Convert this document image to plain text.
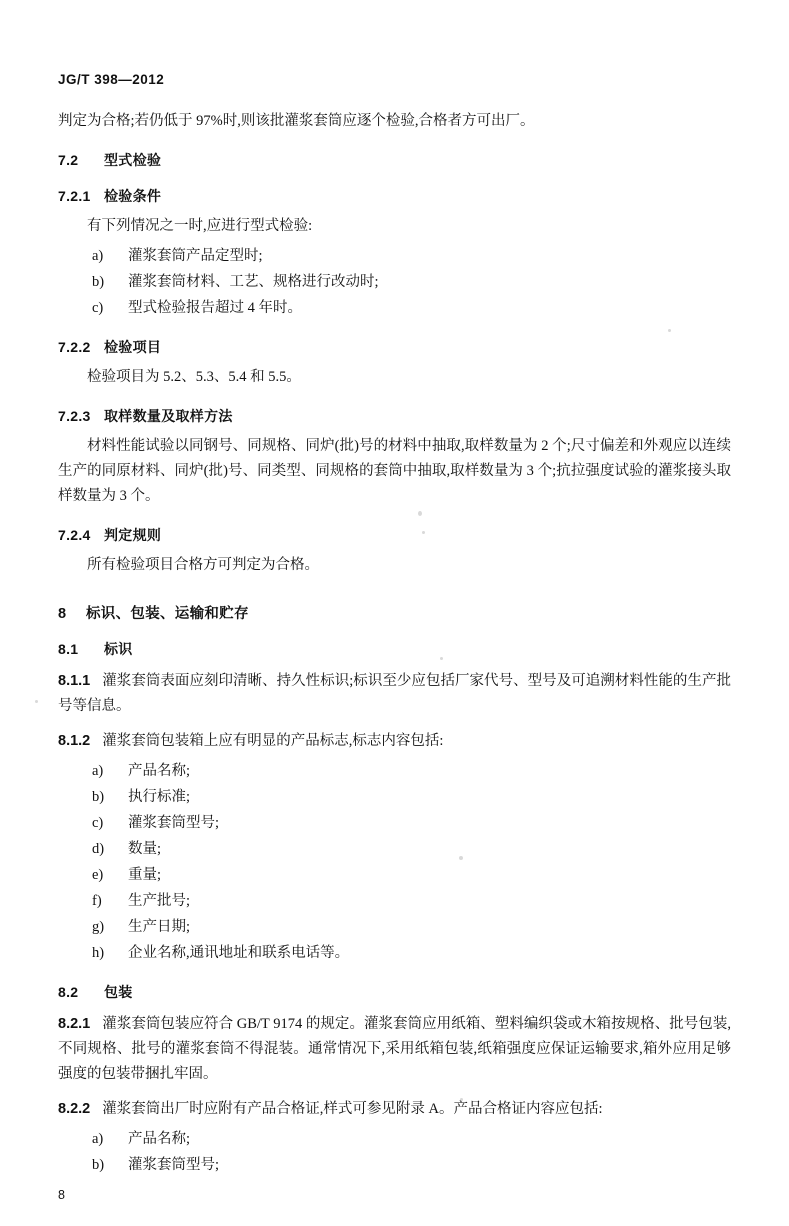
JG/T 398—2012

判定为合格;若仍低于 97%时,则该批灌浆套筒应逐个检验,合格者方可出厂。

7.2 型式检验
7.2.1 检验条件

有下列情况之一时,应进行型式检验:

a)	灌浆套筒产品定型时;
b)	灌浆套筒材料、工艺、规格进行改动时;
c)	型式检验报告超过 4 年时。
7.2.2 检验项目

检验项目为 5.2、5.3、5.4 和 5.5。

7.2.3 取样数量及取样方法

材料性能试验以同钢号、同规格、同炉(批)号的材料中抽取,取样数量为 2 个;尺寸偏差和外观应以连续生产的同原材料、同炉(批)号、同类型、同规格的套筒中抽取,取样数量为 3 个;抗拉强度试验的灌浆接头取样数量为 3 个。

7.2.4 判定规则

所有检验项目合格方可判定为合格。

8 标识、包装、运输和贮存
8.1 标识

8.1.1 灌浆套筒表面应刻印清晰、持久性标识;标识至少应包括厂家代号、型号及可追溯材料性能的生产批号等信息。

8.1.2 灌浆套筒包装箱上应有明显的产品标志,标志内容包括:

a)	产品名称;
b)	执行标准;
c)	灌浆套筒型号;
d)	数量;
e)	重量;
f)	生产批号;
g)	生产日期;
h)	企业名称,通讯地址和联系电话等。
8.2 包装

8.2.1 灌浆套筒包装应符合 GB/T 9174 的规定。灌浆套筒应用纸箱、塑料编织袋或木箱按规格、批号包装,不同规格、批号的灌浆套筒不得混装。通常情况下,采用纸箱包装,纸箱强度应保证运输要求,箱外应用足够强度的包装带捆扎牢固。

8.2.2 灌浆套筒出厂时应附有产品合格证,样式可参见附录 A。产品合格证内容应包括:

a)	产品名称;
b)	灌浆套筒型号;
8
